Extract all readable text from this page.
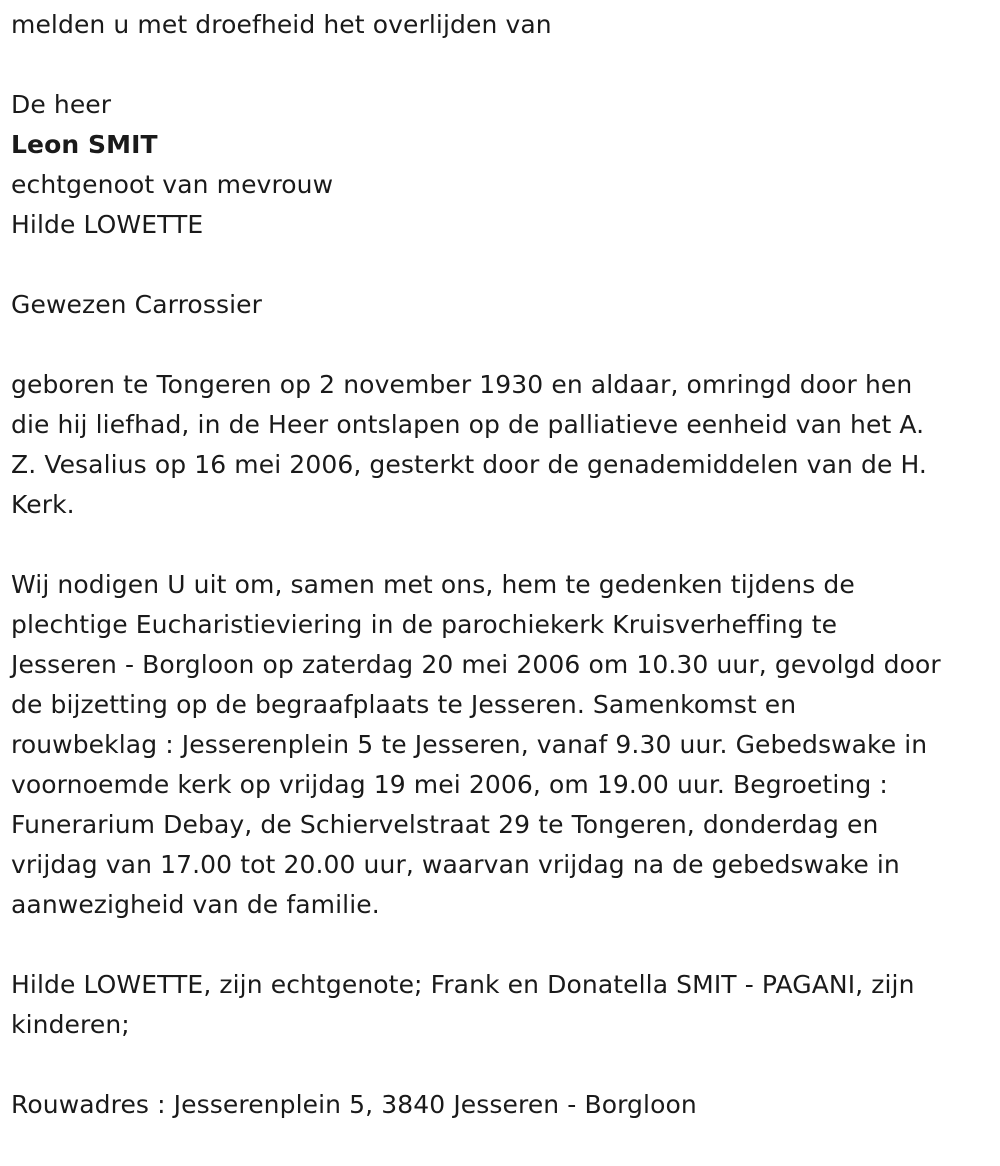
melden u met droefheid het overlijden van

De heer

Leon SMIT

echtgenoot van mevrouw

Hilde LOWETTE

Gewezen Carrossier

geboren te Tongeren op 2 november 1930 en aldaar, omringd door hen

die hij liefhad, in de Heer ontslapen op de palliatieve eenheid van het A.

Z. Vesalius op 16 mei 2006, gesterkt door de genademiddelen van de H.

Kerk.

Wij nodigen U uit om, samen met ons, hem te gedenken tijdens de

plechtige Eucharistieviering in de parochiekerk Kruisverheffing te

Jesseren - Borgloon op zaterdag 20 mei 2006 om 10.30 uur, gevolgd door

de bijzetting op de begraafplaats te Jesseren. Samenkomst en

rouwbeklag : Jesserenplein 5 te Jesseren, vanaf 9.30 uur. Gebedswake in

voornoemde kerk op vrijdag 19 mei 2006, om 19.00 uur. Begroeting :

Funerarium Debay, de Schiervelstraat 29 te Tongeren, donderdag en

vrijdag van 17.00 tot 20.00 uur, waarvan vrijdag na de gebedswake in

aanwezigheid van de familie.

Hilde LOWETTE, zijn echtgenote; Frank en Donatella SMIT - PAGANI, zijn

kinderen;

Rouwadres : Jesserenplein 5, 3840 Jesseren - Borgloon
